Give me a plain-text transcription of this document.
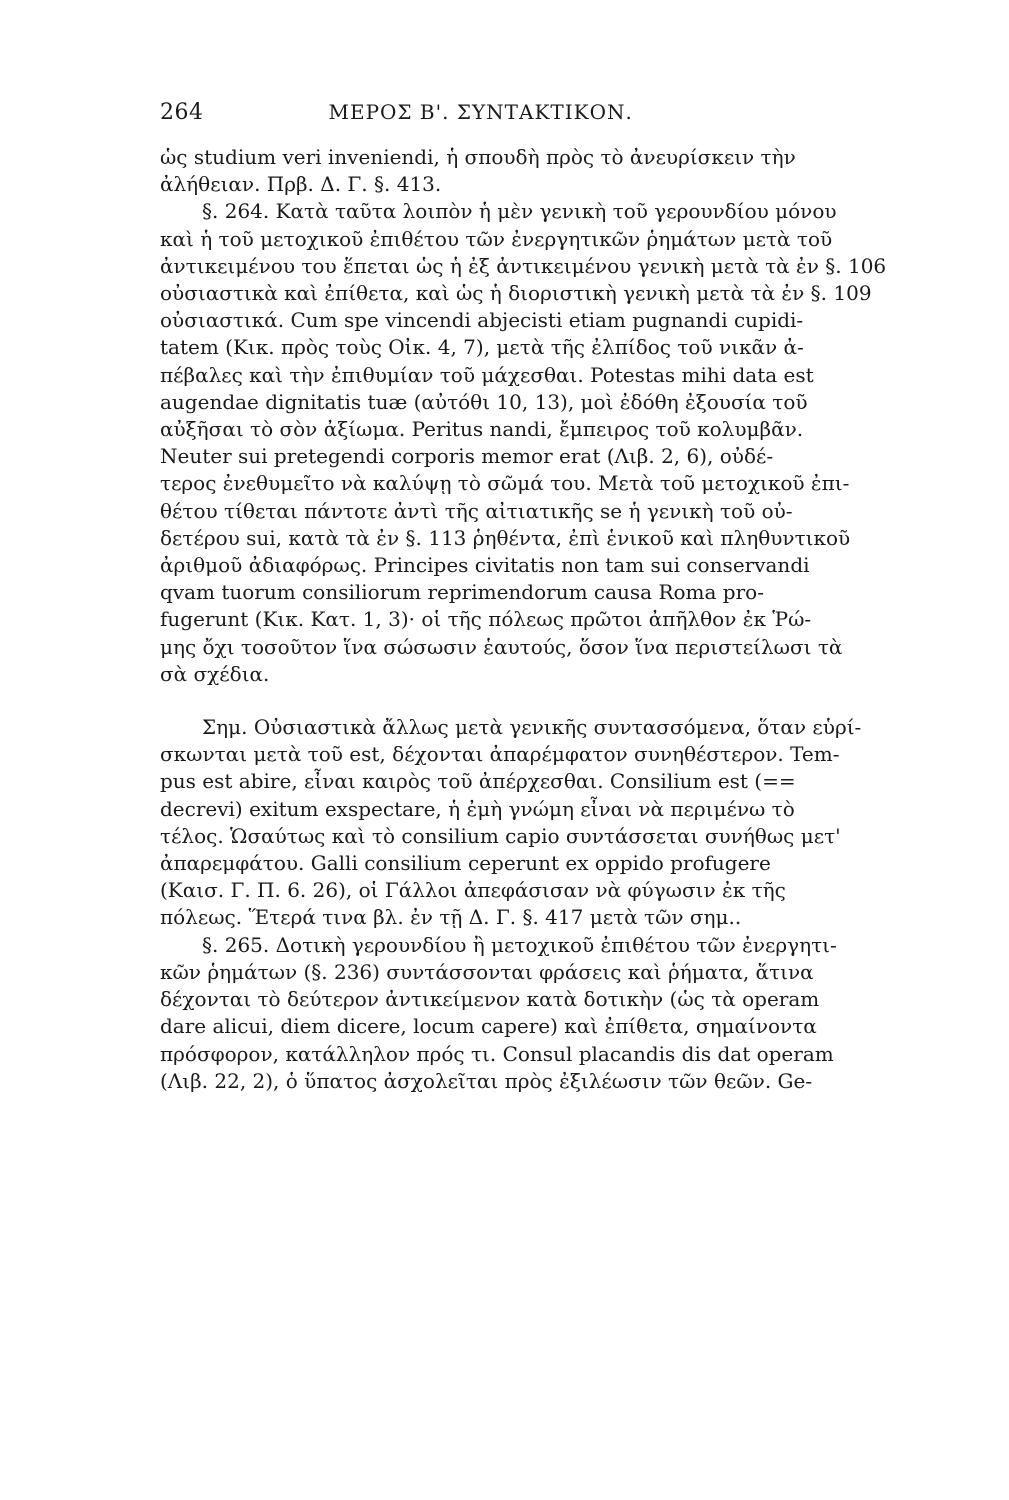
264	ΜΕΡΟΣ Β'. ΣΥΝΤΑΚΤΙΚΟΝ.
ὡς studium veri inveniendi, ἡ σπουδὴ πρὸς τὸ ἀνευρίσκειν τὴν
ἀλήθειαν. Πρβ. Δ. Γ. §. 413.
§. 264. Κατὰ ταῦτα λοιπὸν ἡ μὲν γενικὴ τοῦ γερουνδίου μόνου
καὶ ἡ τοῦ μετοχικοῦ ἐπιθέτου τῶν ἐνεργητικῶν ῥημάτων μετὰ τοῦ
ἀντικειμένου του ἕπεται ὡς ἡ ἐξ ἀντικειμένου γενικὴ μετὰ τὰ ἐν §. 106
οὐσιαστικὰ καὶ ἐπίθετα, καὶ ὡς ἡ διοριστικὴ γενικὴ μετὰ τὰ ἐν §. 109
οὐσιαστικά. Cum spe vincendi abjecisti etiam pugnandi cupidi-
tatem (Κικ. πρὸς τοὺς Οἰκ. 4, 7), μετὰ τῆς ἐλπίδος τοῦ νικᾶν ἀ-
πέβαλες καὶ τὴν ἐπιθυμίαν τοῦ μάχεσθαι. Potestas mihi data est
augendae dignitatis tuæ (αὐτόθι 10, 13), μοὶ ἐδόθη ἐξουσία τοῦ
αὐξῆσαι τὸ σὸν ἀξίωμα. Peritus nandi, ἔμπειρος τοῦ κολυμβᾶν.
Neuter sui pretegendi corporis memor erat (Λιβ. 2, 6), οὐδέ-
τερος ἐνεθυμεῖτο νὰ καλύψῃ τὸ σῶμά του. Μετὰ τοῦ μετοχικοῦ ἐπι-
θέτου τίθεται πάντοτε ἀντὶ τῆς αἰτιατικῆς se ἡ γενικὴ τοῦ οὐ-
δετέρου sui, κατὰ τὰ ἐν §. 113 ῥηθέντα, ἐπὶ ἑνικοῦ καὶ πληθυντικοῦ
ἀριθμοῦ ἀδιαφόρως. Principes civitatis non tam sui conservandi
qvam tuorum consiliorum reprimendorum causa Roma pro-
fugerunt (Κικ. Κατ. 1, 3)· οἱ τῆς πόλεως πρῶτοι ἀπῆλθον ἐκ Ῥώ-
μης ὄχι τοσοῦτον ἵνα σώσωσιν ἑαυτούς, ὅσον ἵνα περιστείλωσι τὰ
σὰ σχέδια.
Σημ. Οὐσιαστικὰ ἄλλως μετὰ γενικῆς συντασσόμενα, ὅταν εὑρί-
σκωνται μετὰ τοῦ est, δέχονται ἀπαρέμφατον συνηθέστερον. Tem-
pus est abire, εἶναι καιρὸς τοῦ ἀπέρχεσθαι. Consilium est (==
decrevi) exitum exspectare, ἡ ἐμὴ γνώμη εἶναι νὰ περιμένω τὸ
τέλος. Ὡσαύτως καὶ τὸ consilium capio συντάσσεται συνήθως μετ'
ἀπαρεμφάτου. Galli consilium ceperunt ex oppido profugere
(Καισ. Γ. Π. 6. 26), οἱ Γάλλοι ἀπεφάσισαν νὰ φύγωσιν ἐκ τῆς
πόλεως. Ἕτερά τινα βλ. ἐν τῇ Δ. Γ. §. 417 μετὰ τῶν σημ..
§. 265. Δοτικὴ γερουνδίου ἢ μετοχικοῦ ἐπιθέτου τῶν ἐνεργητι-
κῶν ῥημάτων (§. 236) συντάσσονται φράσεις καὶ ῥήματα, ἅτινα
δέχονται τὸ δεύτερον ἀντικείμενον κατὰ δοτικὴν (ὡς τὰ operam
dare alicui, diem dicere, locum capere) καὶ ἐπίθετα, σημαίνοντα
πρόσφορον, κατάλληλον πρός τι. Consul placandis dis dat operam
(Λιβ. 22, 2), ὁ ὕπατος ἀσχολεῖται πρὸς ἐξιλέωσιν τῶν θεῶν. Ge-
